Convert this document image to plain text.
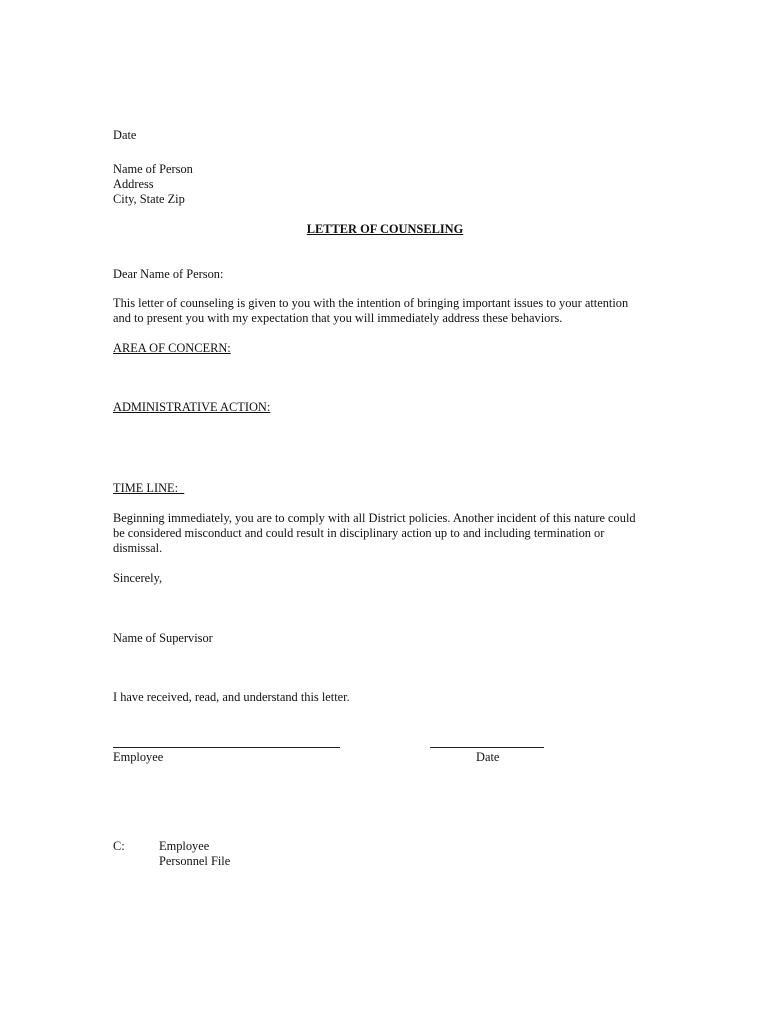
Date
Name of Person
Address
City, State Zip
LETTER OF COUNSELING
Dear Name of Person:
This letter of counseling is given to you with the intention of bringing important issues to your attention
and to present you with my expectation that you will immediately address these behaviors.
AREA OF CONCERN:
ADMINISTRATIVE ACTION:
TIME LINE:
Beginning immediately, you are to comply with all District policies. Another incident of this nature could
be considered misconduct and could result in disciplinary action up to and including termination or
dismissal.
Sincerely,
Name of Supervisor
I have received, read, and understand this letter.
Employee	Date
C:	Employee
Personnel File
